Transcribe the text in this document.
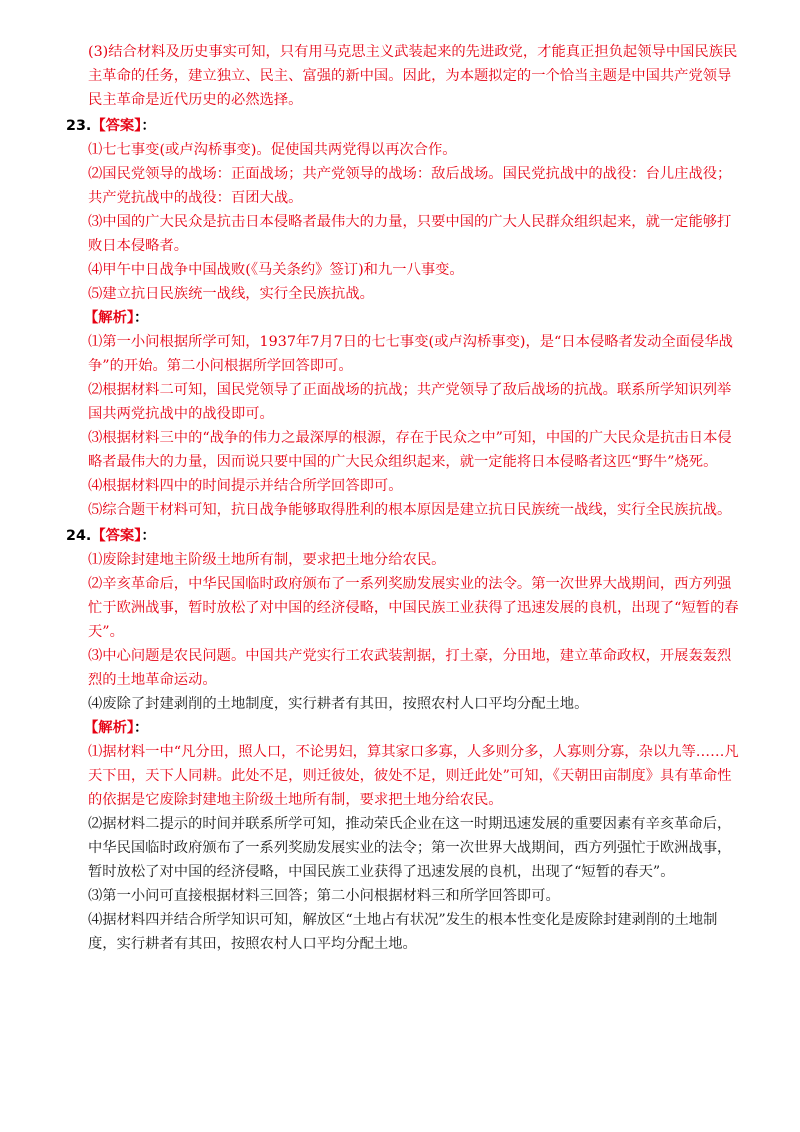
(3)结合材料及历史事实可知，只有用马克思主义武装起来的先进政党，才能真正担负起领导中国民族民主革命的任务，建立独立、民主、富强的新中国。因此，为本题拟定的一个恰当主题是中国共产党领导民主革命是近代历史的必然选择。

23.【答案】：

⑴七七事变(或卢沟桥事变)。促使国共两党得以再次合作。

⑵国民党领导的战场：正面战场；共产党领导的战场：敌后战场。国民党抗战中的战役：台儿庄战役；共产党抗战中的战役：百团大战。

⑶中国的广大民众是抗击日本侵略者最伟大的力量，只要中国的广大人民群众组织起来，就一定能够打败日本侵略者。

⑷甲午中日战争中国战败(《马关条约》签订)和九一八事变。

⑸建立抗日民族统一战线，实行全民族抗战。

【解析】：

⑴第一小问根据所学可知，1937年7月7日的七七事变(或卢沟桥事变)，是“日本侵略者发动全面侵华战争”的开始。第二小问根据所学回答即可。

⑵根据材料二可知，国民党领导了正面战场的抗战；共产党领导了敌后战场的抗战。联系所学知识列举国共两党抗战中的战役即可。

⑶根据材料三中的“战争的伟力之最深厚的根源，存在于民众之中”可知，中国的广大民众是抗击日本侵略者最伟大的力量，因而说只要中国的广大民众组织起来，就一定能将日本侵略者这匹“野牛”烧死。

⑷根据材料四中的时间提示并结合所学回答即可。

⑸综合题干材料可知，抗日战争能够取得胜利的根本原因是建立抗日民族统一战线，实行全民族抗战。

24.【答案】：

⑴废除封建地主阶级土地所有制，要求把土地分给农民。

⑵辛亥革命后，中华民国临时政府颁布了一系列奖励发展实业的法令。第一次世界大战期间，西方列强忙于欧洲战事，暂时放松了对中国的经济侵略，中国民族工业获得了迅速发展的良机，出现了“短暂的春天”。

⑶中心问题是农民问题。中国共产党实行工农武装割据，打土豪，分田地，建立革命政权，开展轰轰烈烈的土地革命运动。

⑷废除了封建剥削的土地制度，实行耕者有其田，按照农村人口平均分配土地。

【解析】：

⑴据材料一中“凡分田，照人口，不论男妇，算其家口多寡，人多则分多，人寡则分寡，杂以九等……凡天下田，天下人同耕。此处不足，则迁彼处，彼处不足，则迁此处”可知，《天朝田亩制度》具有革命性的依据是它废除封建地主阶级土地所有制，要求把土地分给农民。

⑵据材料二提示的时间并联系所学可知，推动荣氏企业在这一时期迅速发展的重要因素有辛亥革命后，中华民国临时政府颁布了一系列奖励发展实业的法令；第一次世界大战期间，西方列强忙于欧洲战事，暂时放松了对中国的经济侵略，中国民族工业获得了迅速发展的良机，出现了“短暂的春天”。

⑶第一小问可直接根据材料三回答；第二小问根据材料三和所学回答即可。

⑷据材料四并结合所学知识可知，解放区“土地占有状况”发生的根本性变化是废除封建剥削的土地制度，实行耕者有其田，按照农村人口平均分配土地。
